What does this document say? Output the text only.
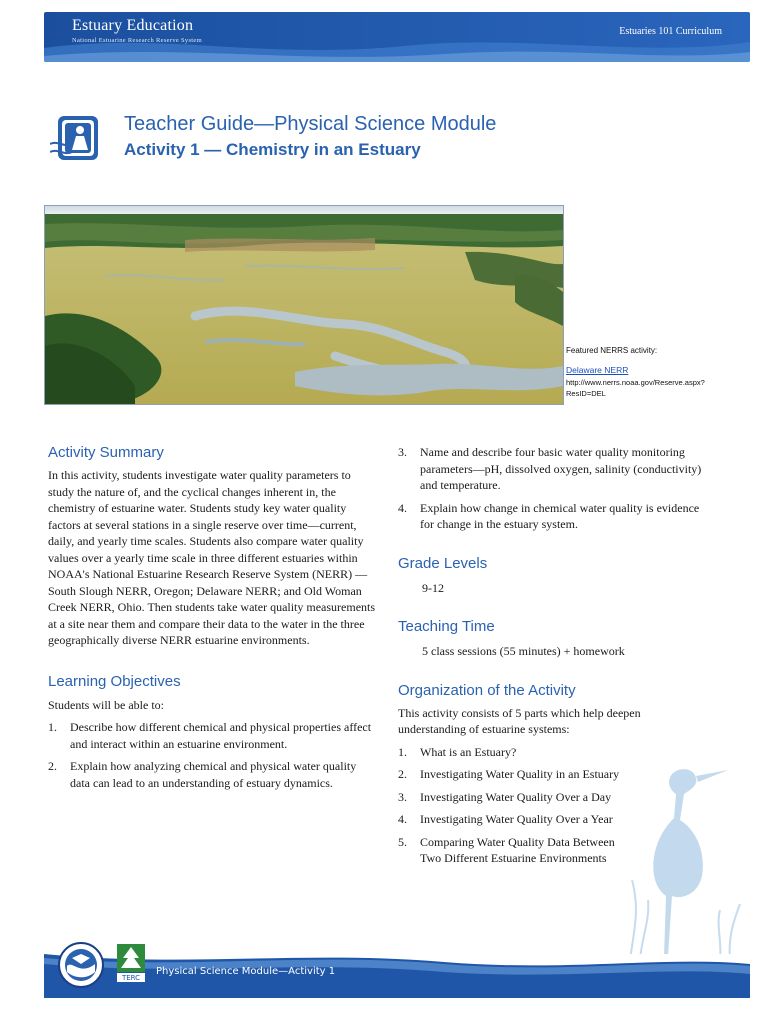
Estuary Education
National Estuarine Research Reserve System
Estuaries 101 Curriculum
Teacher Guide—Physical Science Module
Activity 1 — Chemistry in an Estuary
Featured NERRS activity:
Delaware NERR
http://www.nerrs.noaa.gov/Reserve.aspx?ResID=DEL
Activity Summary
In this activity, students investigate water quality parameters to study the nature of, and the cyclical changes inherent in, the chemistry of estuarine water. Students study key water quality factors at several stations in a single reserve over time—current, daily, and yearly time scales. Students also compare water quality values over a yearly time scale in three different estuaries within NOAA's National Estuarine Research Reserve System (NERR) —South Slough NERR, Oregon; Delaware NERR; and Old Woman Creek NERR, Ohio. Then students take water quality measurements at a site near them and compare their data to the water in the three geographically diverse NERR estuarine environments.
Learning Objectives
Students will be able to:
1. Describe how different chemical and physical properties affect and interact within an estuarine environment.
2. Explain how analyzing chemical and physical water quality data can lead to an understanding of estuary dynamics.
3. Name and describe four basic water quality monitoring parameters—pH, dissolved oxygen, salinity (conductivity) and temperature.
4. Explain how change in chemical water quality is evidence for change in the estuary system.
Grade Levels
9-12
Teaching Time
5 class sessions (55 minutes) + homework
Organization of the Activity
This activity consists of 5 parts which help deepen understanding of estuarine systems:
1. What is an Estuary?
2. Investigating Water Quality in an Estuary
3. Investigating Water Quality Over a Day
4. Investigating Water Quality Over a Year
5. Comparing Water Quality Data Between Two Different Estuarine Environments
TERC
Physical Science Module—Activity 1
